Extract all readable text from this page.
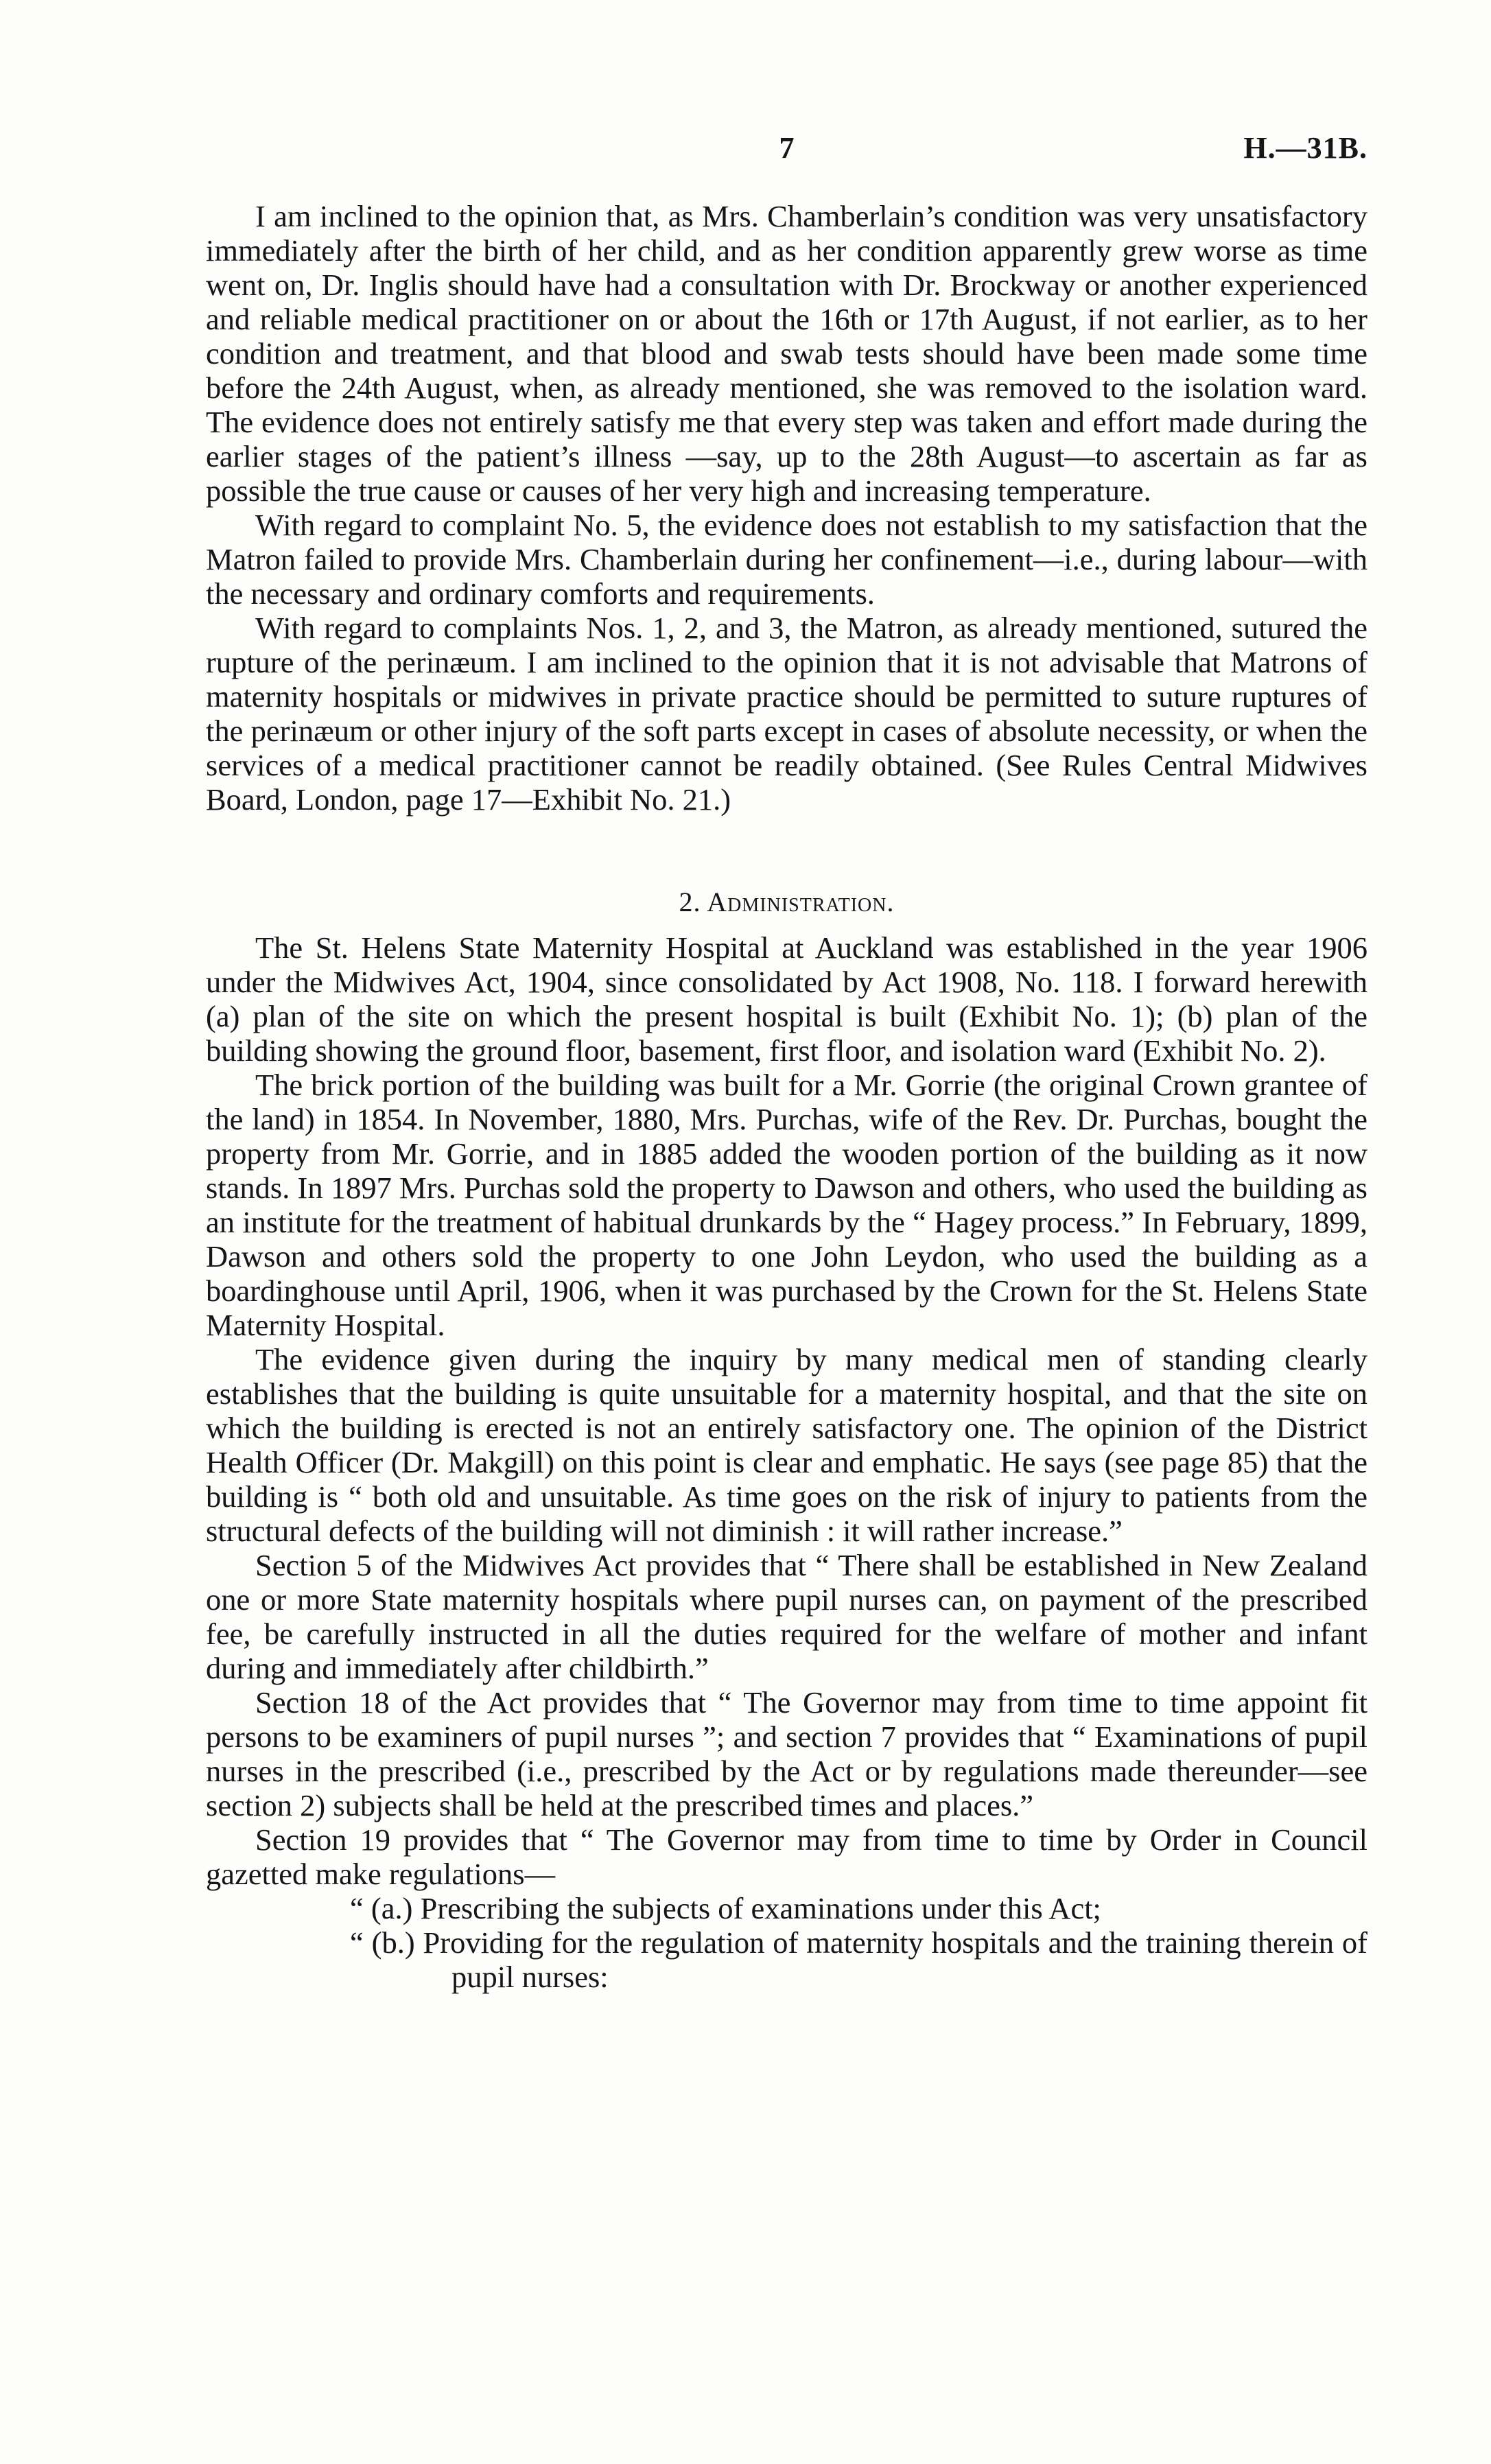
7	H.—31B.

I am inclined to the opinion that, as Mrs. Chamberlain’s condition was very unsatisfactory immediately after the birth of her child, and as her condition apparently grew worse as time went on, Dr. Inglis should have had a consultation with Dr. Brockway or another experienced and reliable medical practitioner on or about the 16th or 17th August, if not earlier, as to her condition and treatment, and that blood and swab tests should have been made some time before the 24th August, when, as already mentioned, she was removed to the isolation ward. The evidence does not entirely satisfy me that every step was taken and effort made during the earlier stages of the patient’s illness —say, up to the 28th August—to ascertain as far as possible the true cause or causes of her very high and increasing temperature.

With regard to complaint No. 5, the evidence does not establish to my satisfaction that the Matron failed to provide Mrs. Chamberlain during her confinement—i.e., during labour—with the necessary and ordinary comforts and requirements.

With regard to complaints Nos. 1, 2, and 3, the Matron, as already mentioned, sutured the rupture of the perinæum. I am inclined to the opinion that it is not advisable that Matrons of maternity hospitals or midwives in private practice should be permitted to suture ruptures of the perinæum or other injury of the soft parts except in cases of absolute necessity, or when the services of a medical practitioner cannot be readily obtained. (See Rules Central Midwives Board, London, page 17—Exhibit No. 21.)

2. Administration.

The St. Helens State Maternity Hospital at Auckland was established in the year 1906 under the Midwives Act, 1904, since consolidated by Act 1908, No. 118. I forward herewith (a) plan of the site on which the present hospital is built (Exhibit No. 1); (b) plan of the building showing the ground floor, basement, first floor, and isolation ward (Exhibit No. 2).

The brick portion of the building was built for a Mr. Gorrie (the original Crown grantee of the land) in 1854. In November, 1880, Mrs. Purchas, wife of the Rev. Dr. Purchas, bought the property from Mr. Gorrie, and in 1885 added the wooden portion of the building as it now stands. In 1897 Mrs. Purchas sold the property to Dawson and others, who used the building as an institute for the treatment of habitual drunkards by the “ Hagey process.” In February, 1899, Dawson and others sold the property to one John Leydon, who used the building as a boardinghouse until April, 1906, when it was purchased by the Crown for the St. Helens State Maternity Hospital.

The evidence given during the inquiry by many medical men of standing clearly establishes that the building is quite unsuitable for a maternity hospital, and that the site on which the building is erected is not an entirely satisfactory one. The opinion of the District Health Officer (Dr. Makgill) on this point is clear and emphatic. He says (see page 85) that the building is “ both old and unsuitable. As time goes on the risk of injury to patients from the structural defects of the building will not diminish : it will rather increase.”

Section 5 of the Midwives Act provides that “ There shall be established in New Zealand one or more State maternity hospitals where pupil nurses can, on payment of the prescribed fee, be carefully instructed in all the duties required for the welfare of mother and infant during and immediately after childbirth.”

Section 18 of the Act provides that “ The Governor may from time to time appoint fit persons to be examiners of pupil nurses ”; and section 7 provides that “ Examinations of pupil nurses in the prescribed (i.e., prescribed by the Act or by regulations made thereunder—see section 2) subjects shall be held at the prescribed times and places.”

Section 19 provides that “ The Governor may from time to time by Order in Council gazetted make regulations—

“ (a.) Prescribing the subjects of examinations under this Act;
“ (b.) Providing for the regulation of maternity hospitals and the training therein of pupil nurses:
